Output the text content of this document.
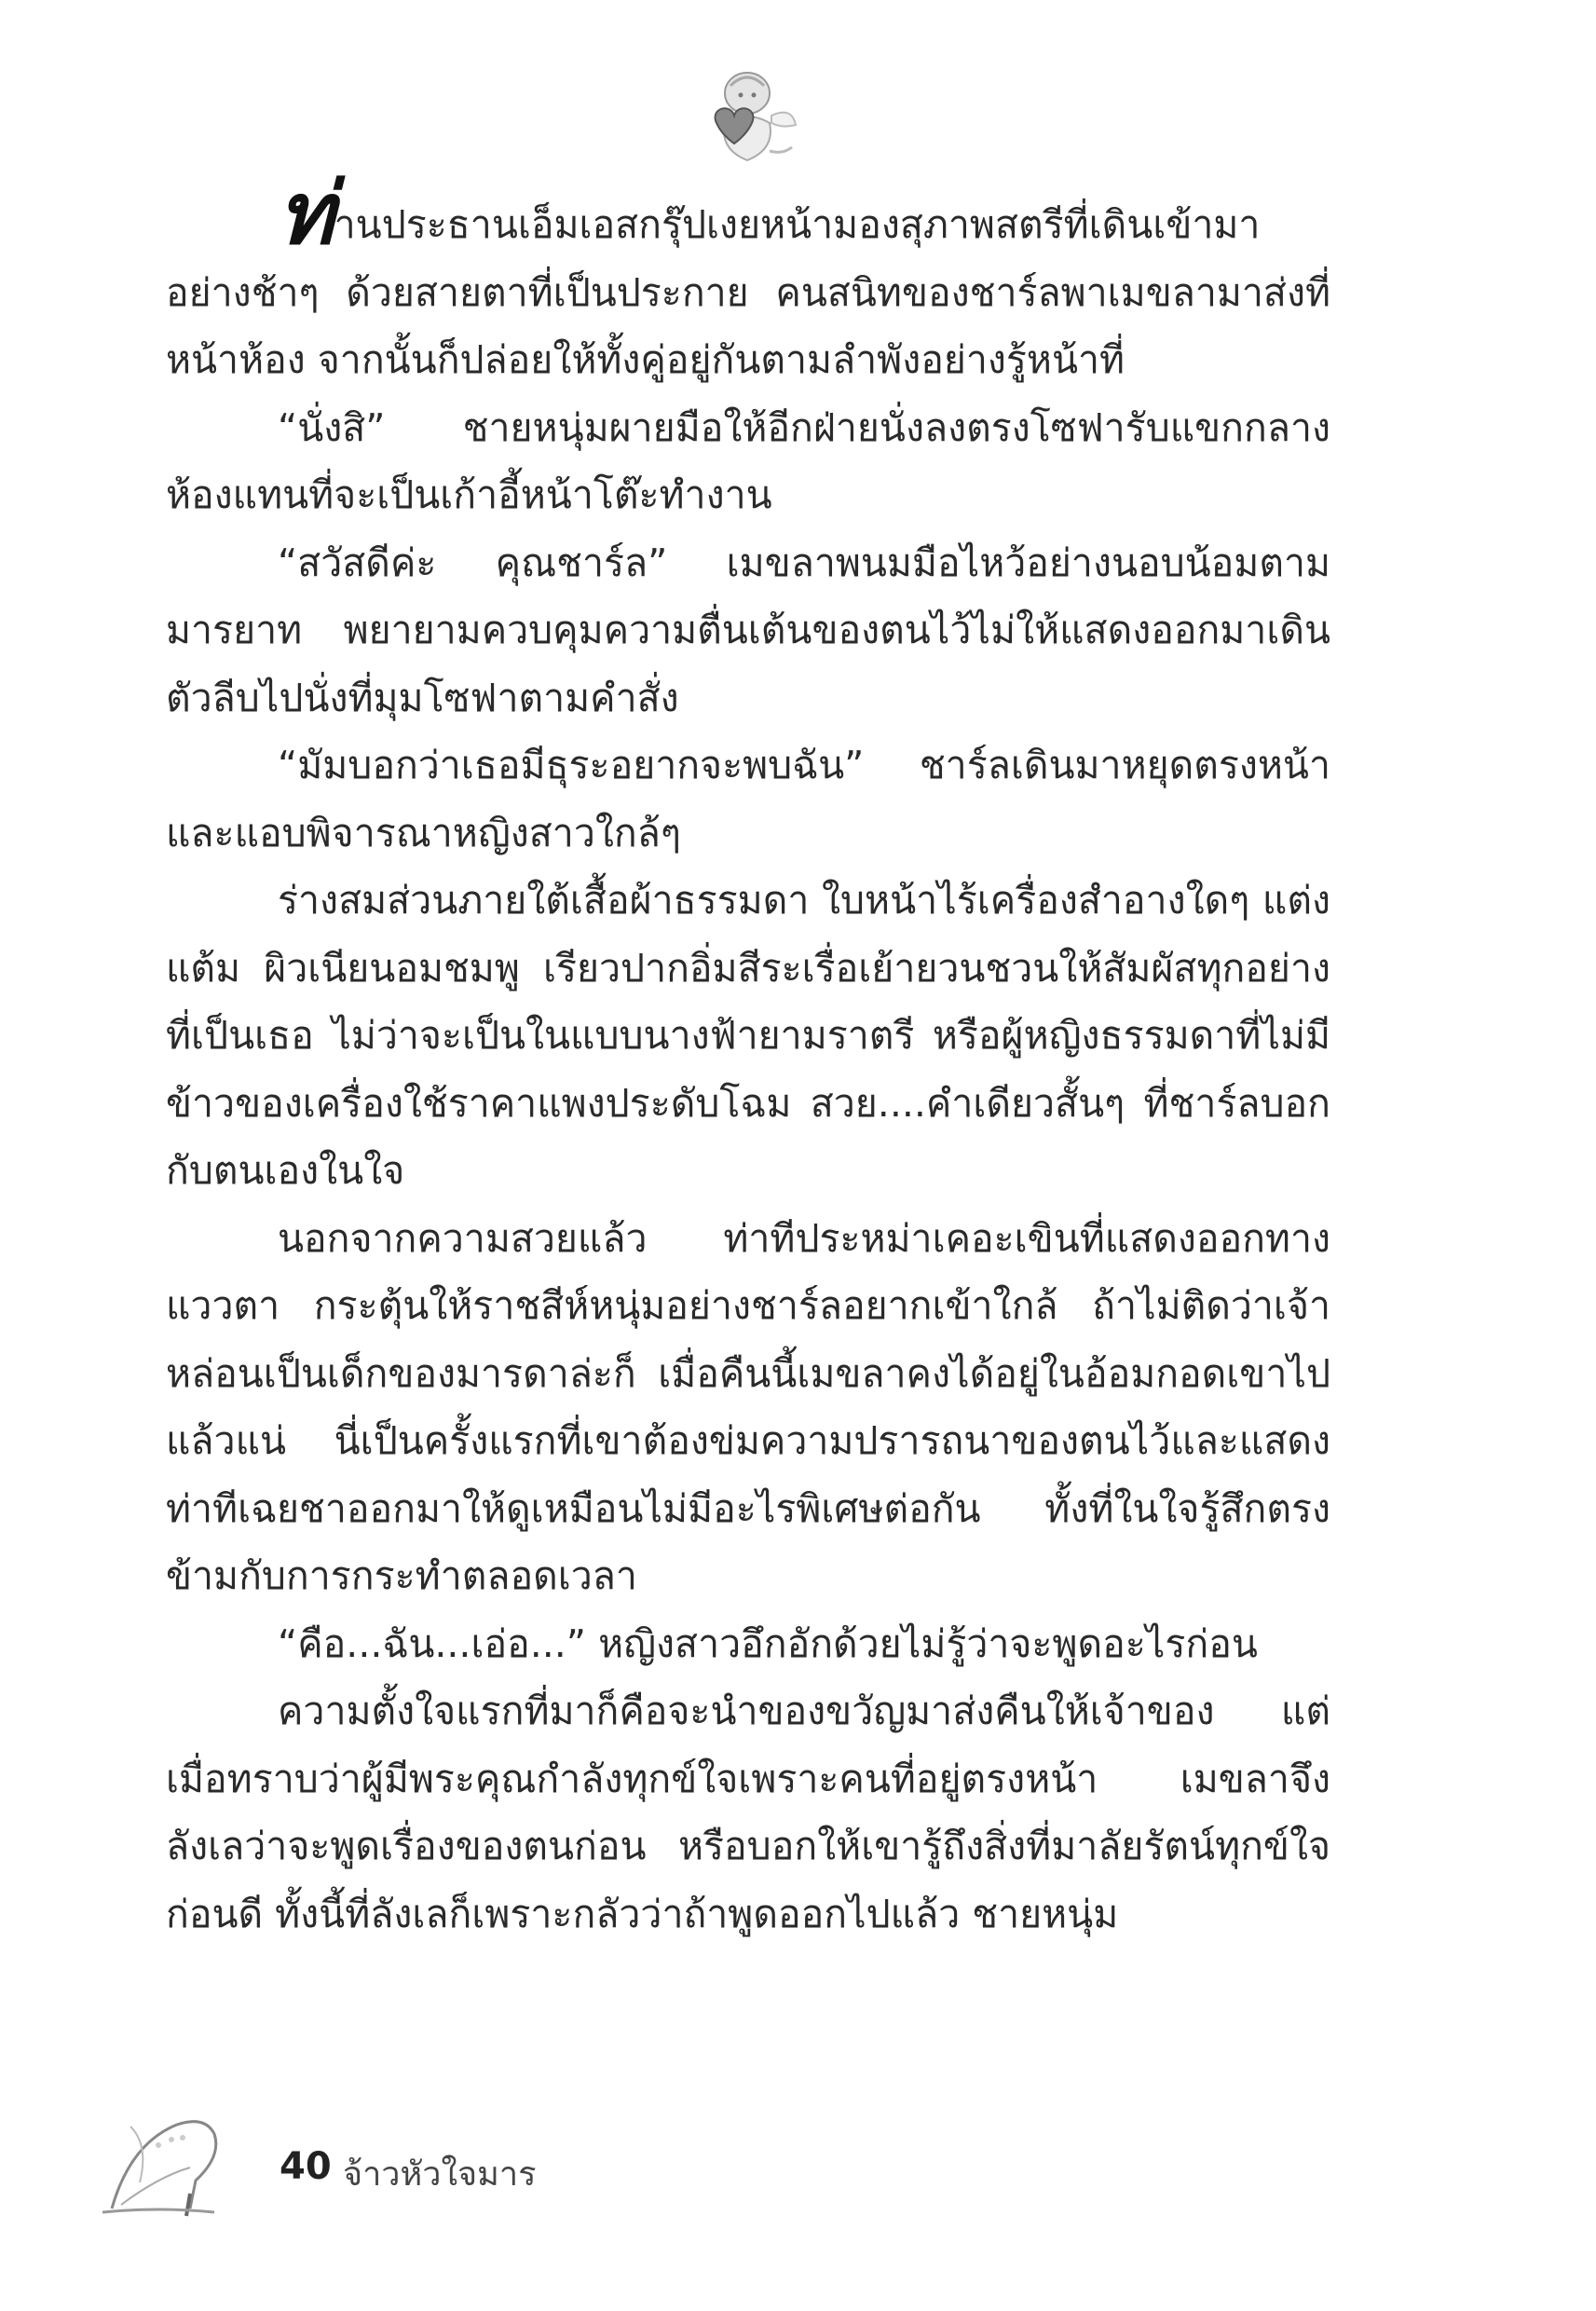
ท่านประธานเอ็มเอสกรุ๊ปเงยหน้ามองสุภาพสตรีที่เดินเข้ามาอย่างช้าๆ ด้วยสายตาที่เป็นประกาย คนสนิทของชาร์ลพาเมขลามาส่งที่หน้าห้อง จากนั้นก็ปล่อยให้ทั้งคู่อยู่กันตามลำพังอย่างรู้หน้าที่

“นั่งสิ” ชายหนุ่มผายมือให้อีกฝ่ายนั่งลงตรงโซฟารับแขกกลางห้องแทนที่จะเป็นเก้าอี้หน้าโต๊ะทำงาน

“สวัสดีค่ะ คุณชาร์ล” เมขลาพนมมือไหว้อย่างนอบน้อมตามมารยาท พยายามควบคุมความตื่นเต้นของตนไว้ไม่ให้แสดงออกมาเดินตัวลีบไปนั่งที่มุมโซฟาตามคำสั่ง

“มัมบอกว่าเธอมีธุระอยากจะพบฉัน” ชาร์ลเดินมาหยุดตรงหน้าและแอบพิจารณาหญิงสาวใกล้ๆ

ร่างสมส่วนภายใต้เสื้อผ้าธรรมดา ใบหน้าไร้เครื่องสำอางใดๆ แต่งแต้ม ผิวเนียนอมชมพู เรียวปากอิ่มสีระเรื่อเย้ายวนชวนให้สัมผัสทุกอย่างที่เป็นเธอ ไม่ว่าจะเป็นในแบบนางฟ้ายามราตรี หรือผู้หญิงธรรมดาที่ไม่มีข้าวของเครื่องใช้ราคาแพงประดับโฉม สวย....คำเดียวสั้นๆ ที่ชาร์ลบอกกับตนเองในใจ

นอกจากความสวยแล้ว ท่าทีประหม่าเคอะเขินที่แสดงออกทางแววตา กระตุ้นให้ราชสีห์หนุ่มอย่างชาร์ลอยากเข้าใกล้ ถ้าไม่ติดว่าเจ้าหล่อนเป็นเด็กของมารดาล่ะก็ เมื่อคืนนี้เมขลาคงได้อยู่ในอ้อมกอดเขาไปแล้วแน่ นี่เป็นครั้งแรกที่เขาต้องข่มความปรารถนาของตนไว้และแสดงท่าทีเฉยชาออกมาให้ดูเหมือนไม่มีอะไรพิเศษต่อกัน ทั้งที่ในใจรู้สึกตรงข้ามกับการกระทำตลอดเวลา

“คือ...ฉัน...เอ่อ...” หญิงสาวอึกอักด้วยไม่รู้ว่าจะพูดอะไรก่อน

ความตั้งใจแรกที่มาก็คือจะนำของขวัญมาส่งคืนให้เจ้าของ แต่เมื่อทราบว่าผู้มีพระคุณกำลังทุกข์ใจเพราะคนที่อยู่ตรงหน้า เมขลาจึงลังเลว่าจะพูดเรื่องของตนก่อน หรือบอกให้เขารู้ถึงสิ่งที่มาลัยรัตน์ทุกข์ใจก่อนดี ทั้งนี้ที่ลังเลก็เพราะกลัวว่าถ้าพูดออกไปแล้ว ชายหนุ่ม

40 จ้าวหัวใจมาร
